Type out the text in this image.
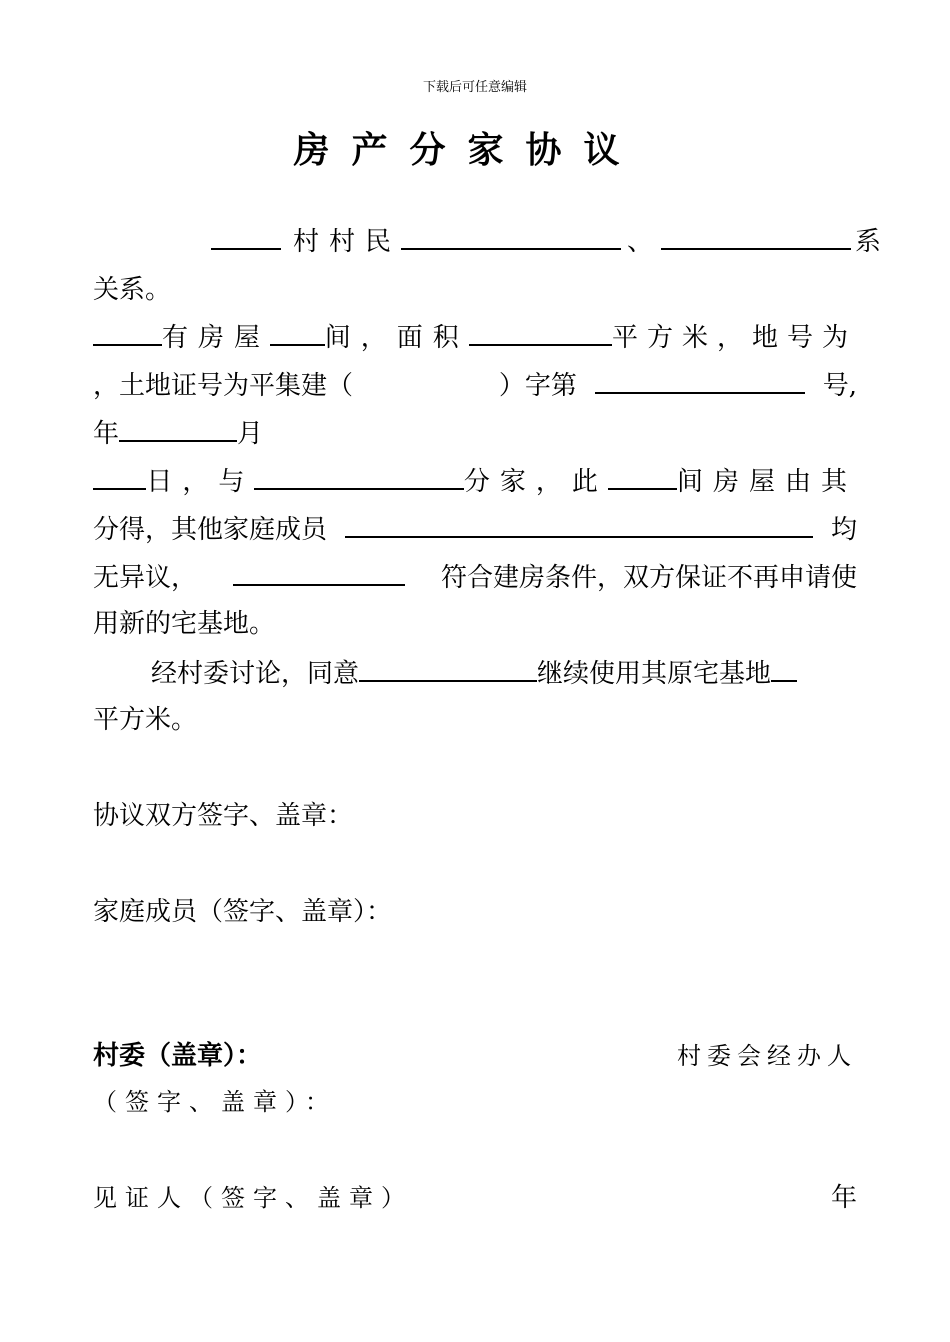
下载后可任意编辑
房产分家协议
村村民	、	系
关系。
有房屋 间，面积	平方米，地号为
，土地证号为平集建（	）字第	号,
年	月
日，与	分家，此	间房屋由其
分得，其他家庭成员	均
无异议，	符合建房条件，双方保证不再申请使
用新的宅基地。
经村委讨论，同意	继续使用其原宅基地
平方米。
协议双方签字、盖章：
家庭成员（签字、盖章）：
村委（盖章）：	村委会经办人
（签字、盖章）：
见证人（签字、盖章）	年
